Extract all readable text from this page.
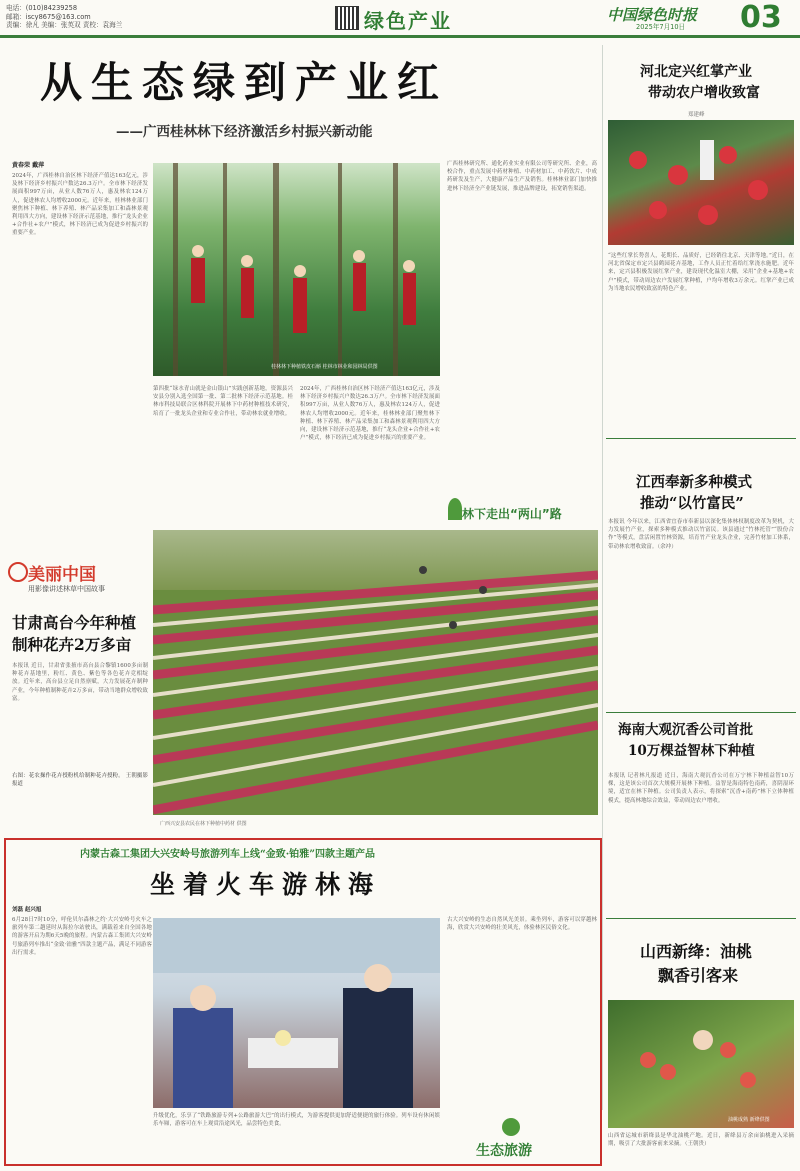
电话：(010)84239258
邮箱：iscy8675@163.com
责编：徐凡 美编：张英双 责校：袁海兰	绿色产业	中国绿色时报
2025年7月10日 03
从生态绿到产业红
——广西桂林林下经济激活乡村振兴新动能
黄春荣 戴萍
2024年，广西桂林自治区林下经济产值达163亿元，涉及林下经济乡村振兴户数达26.3万户。全市林下经济发展面积997万亩，从业人数76万人，惠及林农124万人，促进林农人均增收2000元。近年来，桂林林业部门聚焦林下种植、林下养殖、林产品采集加工和森林景观利用四大方向，建设林下经济示范基地，推行“龙头企业+合作社+农户”模式，林下经济已成为促进乡村振兴的重要产业。
桂林林下种植铁皮石斛 桂林市林业和园林局供图
广西桂林研究所、通化药业实业有限公司等研究所、企业，高校合作，重点发展中药材种植、中药材加工、中药饮片、中成药研发及生产，大健康产品生产及销售。桂林林业部门加快推进林下经济全产业链发展，推进品牌建设，拓宽销售渠道。
第四批“绿水青山就是金山银山”实践创新基地，资源县兴安县分别入选全国第一批、第二批林下经济示范基地。桂林市科技局联合区林科院开展林下中药材种植技术研究，培育了一批龙头企业和专业合作社，带动林农就业增收。
2024年，广西桂林自治区林下经济产值达163亿元，涉及林下经济乡村振兴户数达26.3万户。全市林下经济发展面积997万亩，从业人数76万人，惠及林农124万人，促进林农人均增收2000元。近年来，桂林林业部门聚焦林下种植、林下养殖、林产品采集加工和森林景观利用四大方向，建设林下经济示范基地，推行“龙头企业+合作社+农户”模式，林下经济已成为促进乡村振兴的重要产业。
林下走出“两山”路
广西兴安县农民在林下种植中药材 供图
美丽中国
用影像讲述林草中国故事
甘肃高台今年种植
制种花卉2万多亩
本报讯 近日，甘肃省张掖市高台县合黎镇1600多亩制种花卉基地里，粉红、黄色、紫色等各色花卉竞相绽放。近年来，高台县立足自然禀赋，大力发展花卉制种产业，今年种植制种花卉2万多亩，带动当地群众增收致富。
右图：花农操作花卉授粉机给制种花卉授粉。 王朝摄影报道
河北定兴红掌产业
带动农户增收致富
郑建峰
“这些红掌长势喜人，花期长、品质好，已经销往北京、天津等地。”近日，在河北省保定市定兴县鹤园花卉基地，工作人员正忙着给红掌浇水施肥。近年来，定兴县积极发展红掌产业，建设现代化温室大棚，采用“企业+基地+农户”模式，带动周边农户发展红掌种植，户均年增收3万余元。红掌产业已成为当地农民增收致富的特色产业。
江西奉新多种模式
推动“以竹富民”
本报讯 今年以来，江西省宜春市奉新县以深化集体林权制度改革为契机，大力发展竹产业，探索多种模式推动以竹富民。该县通过“竹林托管”“股份合作”等模式，盘活闲置竹林资源，培育竹产业龙头企业，完善竹材加工体系，带动林农增收致富。（余冲）
海南大观沉香公司首批
10万棵益智林下种植
本报讯 记者林凡报道 近日，海南大观沉香公司在万宁林下种植益智10万棵，这是该公司首次大规模开展林下种植。益智是海南特色南药，喜阴湿环境，适宜在林下种植。公司负责人表示，将探索“沉香+南药”林下立体种植模式，提高林地综合效益，带动周边农户增收。
内蒙古森工集团大兴安岭号旅游列车上线“金致·铂雅”四款主题产品
坐着火车游林海
刘磊 赵兴旭
6月28日7时10分，呼伦贝尔森林之约·大兴安岭号火车之旅列车第二趟延时从海拉尔站驶出，满载着来自全国各地的游客开启为期6天5晚的旅程。内蒙古森工集团大兴安岭号旅游列车推出“金致·铂雅”四款主题产品，满足不同游客出行需求。
升级优化，乐享了“铁路旅游专列+公路旅游大巴”的出行模式，为游客提供更加舒适便捷的旅行体验。列车设有休闲娱乐车厢，游客可在车上观赏沿途风光，品尝特色美食。
古大兴安岭的生态自然风光美景。乘坐列车，游客可以穿越林海，欣赏大兴安岭的壮美风光，体验林区民俗文化。
生态旅游
山西新绛：油桃
飘香引客来
油桃成熟 新绛供图
山西省运城市新绛县是华北油桃产地。近日，新绛县万余亩油桃进入采摘期，吸引了大批游客前来采摘。（王朝贵）
